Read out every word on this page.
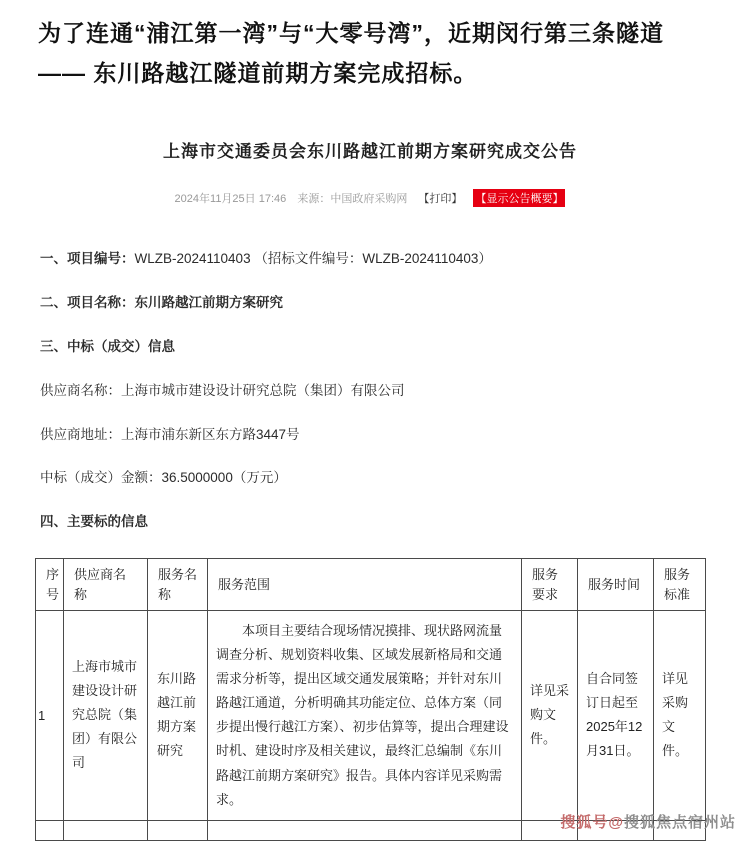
为了连通“浦江第一湾”与“大零号湾”，近期闵行第三条隧道 —— 东川路越江隧道前期方案完成招标。

上海市交通委员会东川路越江前期方案研究成交公告
2024年11月25日 17:46 来源：中国政府采购网 【打印】 【显示公告概要】

一、项目编号：WLZB-2024110403 （招标文件编号：WLZB-2024110403）

二、项目名称：东川路越江前期方案研究

三、中标（成交）信息

供应商名称：上海市城市建设设计研究总院（集团）有限公司

供应商地址：上海市浦东新区东方路3447号

中标（成交）金额：36.5000000（万元）

四、主要标的信息

序号	供应商名称	服务名称	服务范围	服务要求	服务时间	服务标准
1	上海市城市建设设计研究总院（集团）有限公司	东川路越江前期方案研究	本项目主要结合现场情况摸排、现状路网流量调查分析、规划资料收集、区域发展新格局和交通需求分析等，提出区域交通发展策略；并针对东川路越江通道，分析明确其功能定位、总体方案（同步提出慢行越江方案）、初步估算等，提出合理建设时机、建设时序及相关建议，最终汇总编制《东川路越江前期方案研究》报告。具体内容详见采购需求。	详见采购文件。	自合同签订日起至2025年12月31日。	详见采购文件。

搜狐号@搜狐焦点宿州站
